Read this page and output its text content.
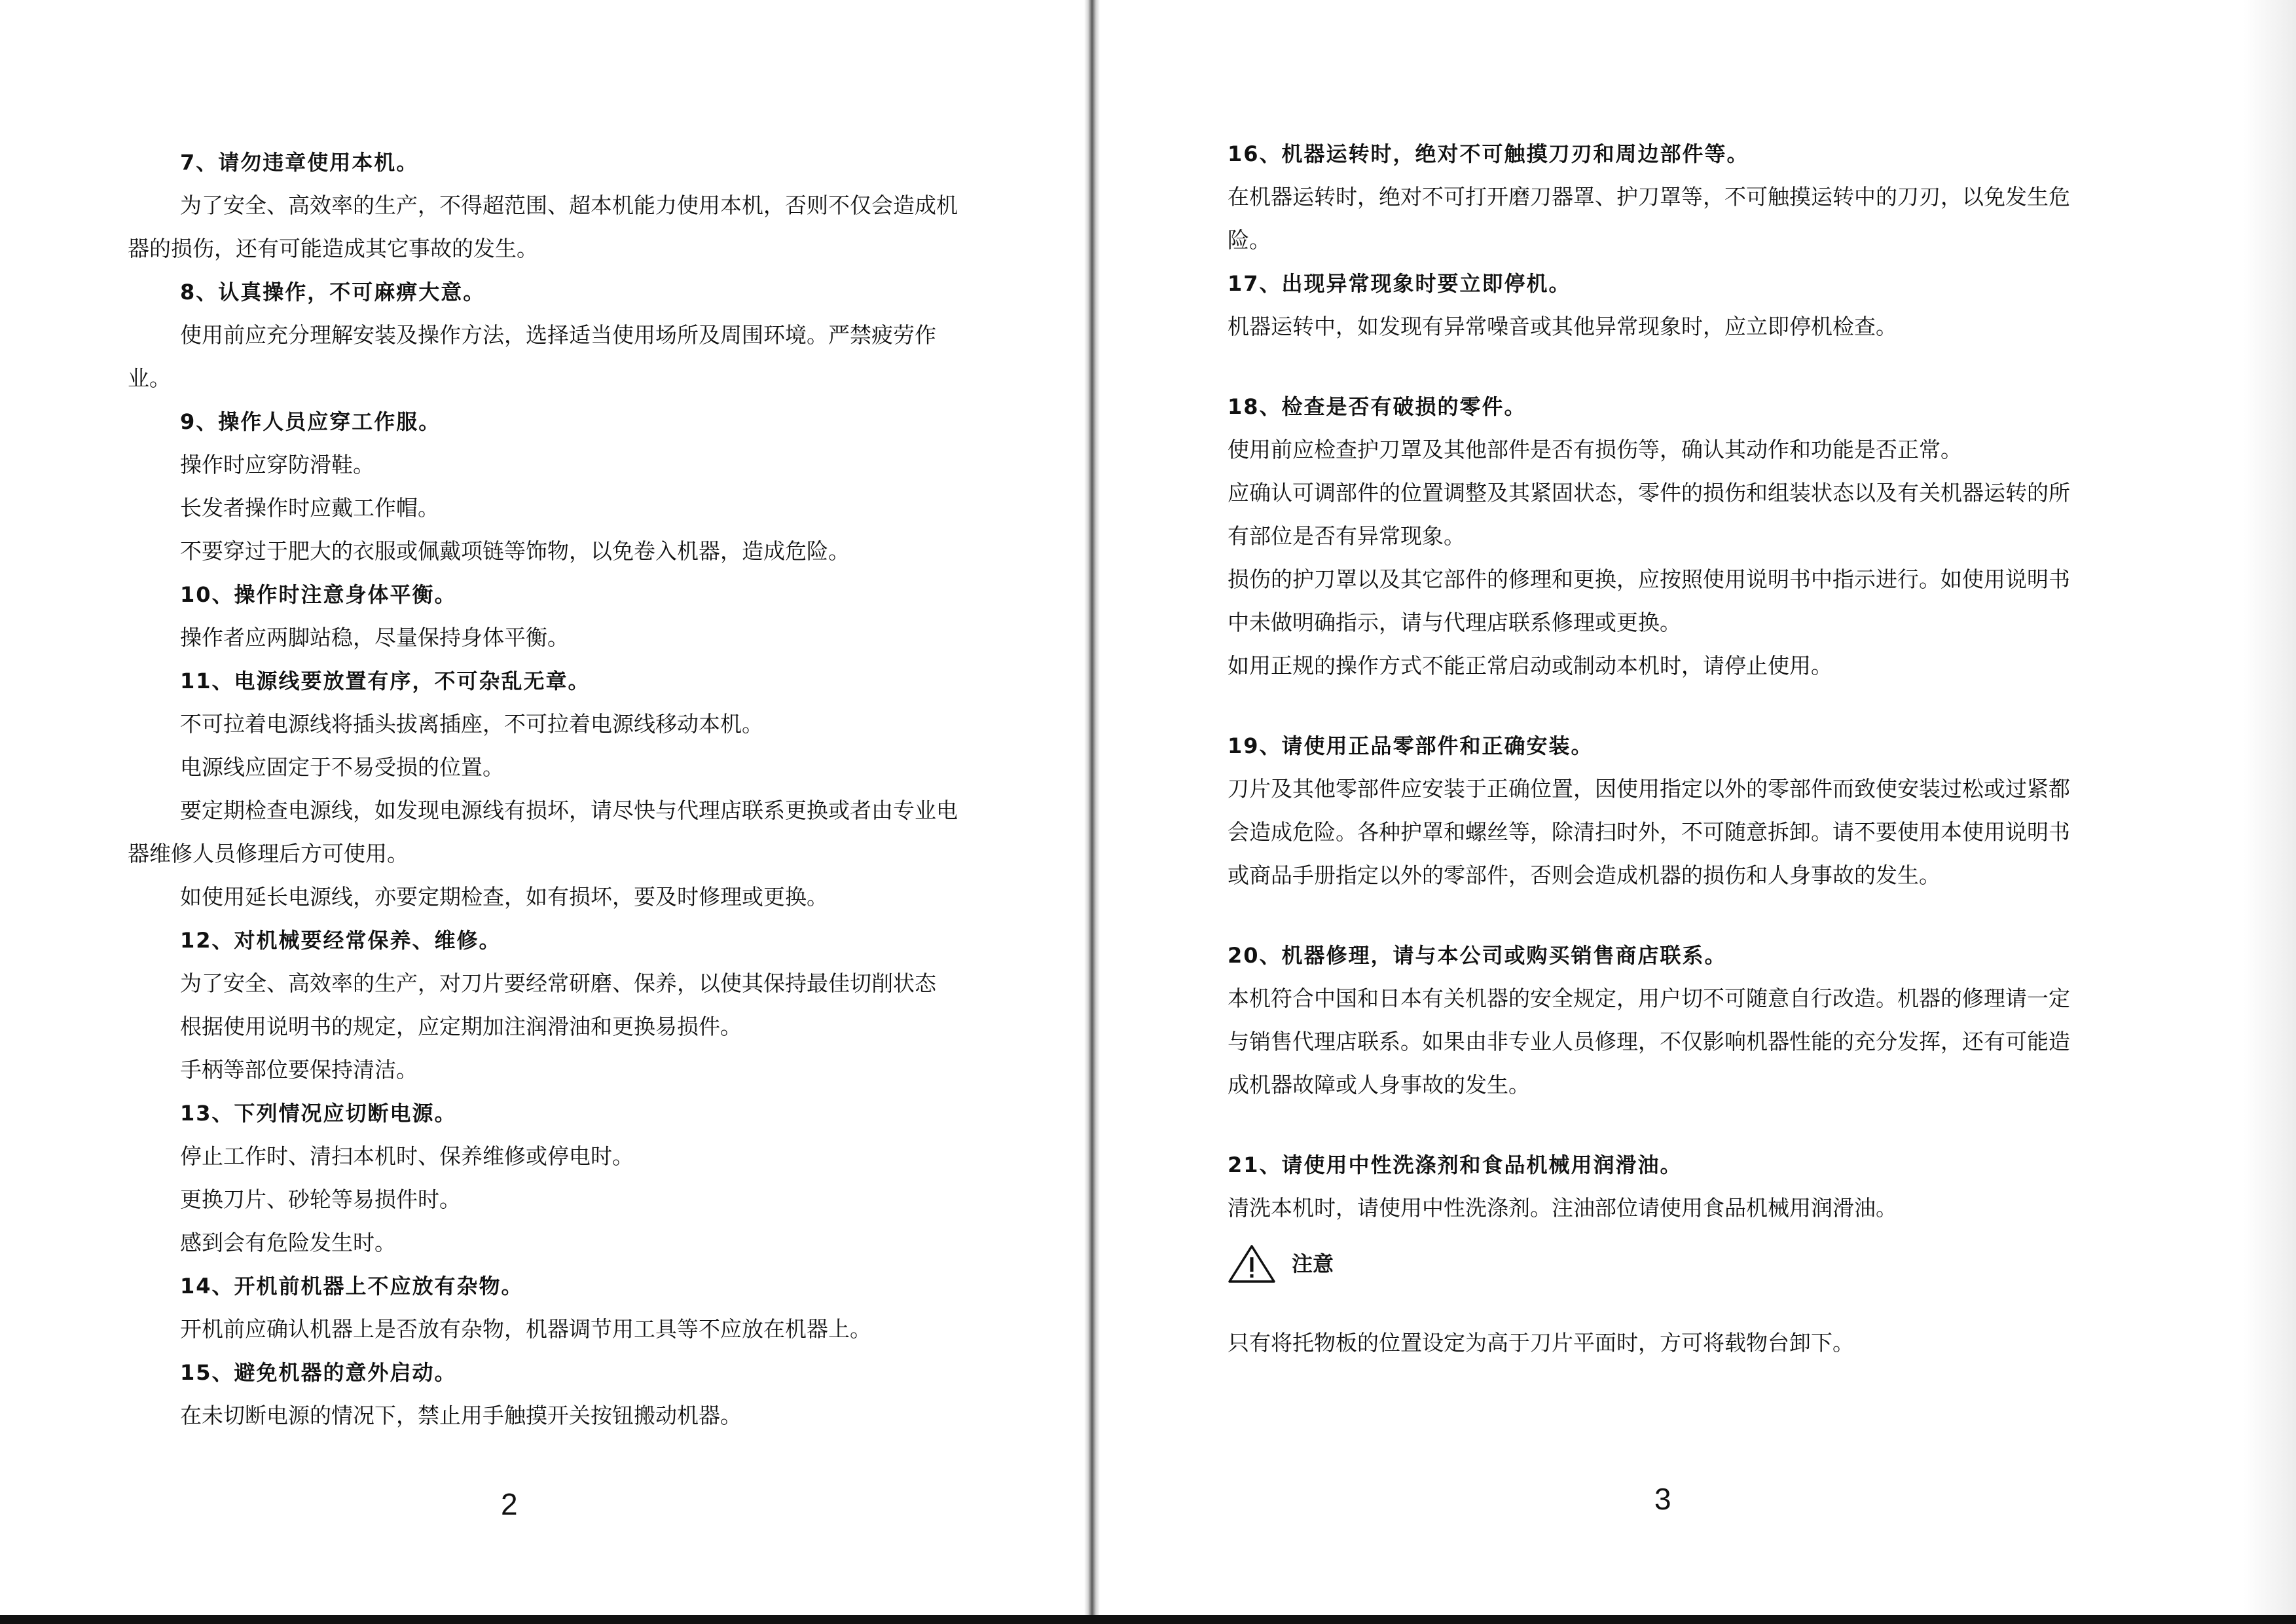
7、请勿违章使用本机。
为了安全、高效率的生产，不得超范围、超本机能力使用本机，否则不仅会造成机器的损伤，还有可能造成其它事故的发生。
8、认真操作，不可麻痹大意。
使用前应充分理解安装及操作方法，选择适当使用场所及周围环境。严禁疲劳作业。
9、操作人员应穿工作服。
操作时应穿防滑鞋。
长发者操作时应戴工作帽。
不要穿过于肥大的衣服或佩戴项链等饰物，以免卷入机器，造成危险。
10、操作时注意身体平衡。
操作者应两脚站稳，尽量保持身体平衡。
11、电源线要放置有序，不可杂乱无章。
不可拉着电源线将插头拔离插座，不可拉着电源线移动本机。
电源线应固定于不易受损的位置。
要定期检查电源线，如发现电源线有损坏，请尽快与代理店联系更换或者由专业电器维修人员修理后方可使用。
如使用延长电源线，亦要定期检查，如有损坏，要及时修理或更换。
12、对机械要经常保养、维修。
为了安全、高效率的生产，对刀片要经常研磨、保养，以使其保持最佳切削状态
根据使用说明书的规定，应定期加注润滑油和更换易损件。
手柄等部位要保持清洁。
13、下列情况应切断电源。
停止工作时、清扫本机时、保养维修或停电时。
更换刀片、砂轮等易损件时。
感到会有危险发生时。
14、开机前机器上不应放有杂物。
开机前应确认机器上是否放有杂物，机器调节用工具等不应放在机器上。
15、避免机器的意外启动。
在未切断电源的情况下，禁止用手触摸开关按钮搬动机器。
2
16、机器运转时，绝对不可触摸刀刃和周边部件等。
在机器运转时，绝对不可打开磨刀器罩、护刀罩等，不可触摸运转中的刀刃，以免发生危险。
17、出现异常现象时要立即停机。
机器运转中，如发现有异常噪音或其他异常现象时，应立即停机检查。
18、检查是否有破损的零件。
使用前应检查护刀罩及其他部件是否有损伤等，确认其动作和功能是否正常。
应确认可调部件的位置调整及其紧固状态，零件的损伤和组装状态以及有关机器运转的所有部位是否有异常现象。
损伤的护刀罩以及其它部件的修理和更换，应按照使用说明书中指示进行。如使用说明书中未做明确指示，请与代理店联系修理或更换。
如用正规的操作方式不能正常启动或制动本机时，请停止使用。
19、请使用正品零部件和正确安装。
刀片及其他零部件应安装于正确位置，因使用指定以外的零部件而致使安装过松或过紧都会造成危险。各种护罩和螺丝等，除清扫时外，不可随意拆卸。请不要使用本使用说明书或商品手册指定以外的零部件，否则会造成机器的损伤和人身事故的发生。
20、机器修理，请与本公司或购买销售商店联系。
本机符合中国和日本有关机器的安全规定，用户切不可随意自行改造。机器的修理请一定与销售代理店联系。如果由非专业人员修理，不仅影响机器性能的充分发挥，还有可能造成机器故障或人身事故的发生。
21、请使用中性洗涤剂和食品机械用润滑油。
清洗本机时，请使用中性洗涤剂。注油部位请使用食品机械用润滑油。
注意
只有将托物板的位置设定为高于刀片平面时，方可将载物台卸下。
3
